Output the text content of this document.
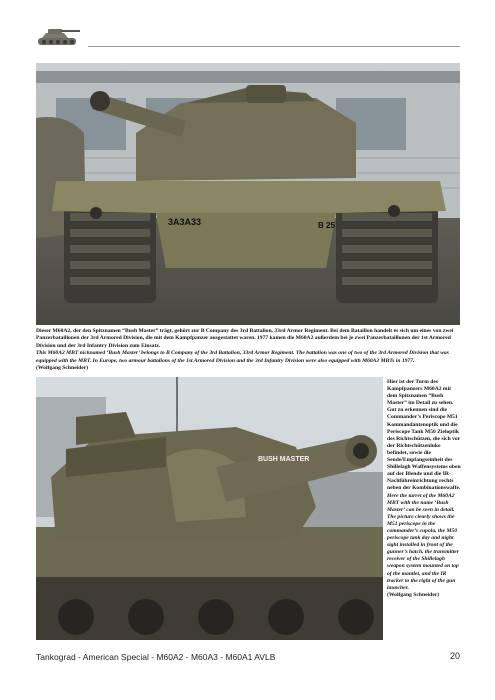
3A3A33	B 25

Dieser M60A2, der den Spitznamen “Bush Master” trägt, gehört zur B Company des 3rd Battalion, 33rd Armor Regiment. Bei dem Bataillon handelt es sich um eines von zwei Panzerbataillonen der 3rd Armored Division, die mit dem Kampfpanzer ausgestattet waren. 1977 kamen die M60A2 außerdem bei je zwei Panzerbataillonen der 1st Armored Division und der 3rd Infantry Division zum Einsatz.

This M60A2 MBT nicknamed ‘Bush Master’ belongs to B Company of the 3rd Battalion, 33rd Armor Regiment. The battalion was one of two of the 3rd Armored Division that was equipped with the MBT. In Europe, two armour battalions of the 1st Armored Division and the 3rd Infantry Division were also equipped with M60A2 MBTs in 1977.

(Wolfgang Schneider)

BUSH MASTER

Hier ist der Turm des Kampfpanzers M60A2 mit dem Spitznamen “Bush Master” im Detail zu sehen. Gut zu erkennen sind die Commander’s Periscope M51 Kommandantenoptik und die Periscope Tank M50 Zieloptik des Richtschützen, die sich vor der Richtschützenluke befindet, sowie die Sende/Empfangseinheit des Shillelagh Waffensystems oben auf der Blende und die IR-Nachführeinrichtung rechts neben der Kombinationswaffe.

Here the turret of the M60A2 MBT with the name ‘Bush Master’ can be seen in detail. The picture clearly shows the M51 periscope in the commander’s cupola, the M50 periscope tank day and night sight installed in front of the gunner’s hatch, the transmitter receiver of the Shillelagh weapon system mounted on top of the mantlet, and the IR tracker to the right of the gun launcher.

(Wolfgang Schneider)

Tankograd - American Special - M60A2 - M60A3 - M60A1 AVLB	20
